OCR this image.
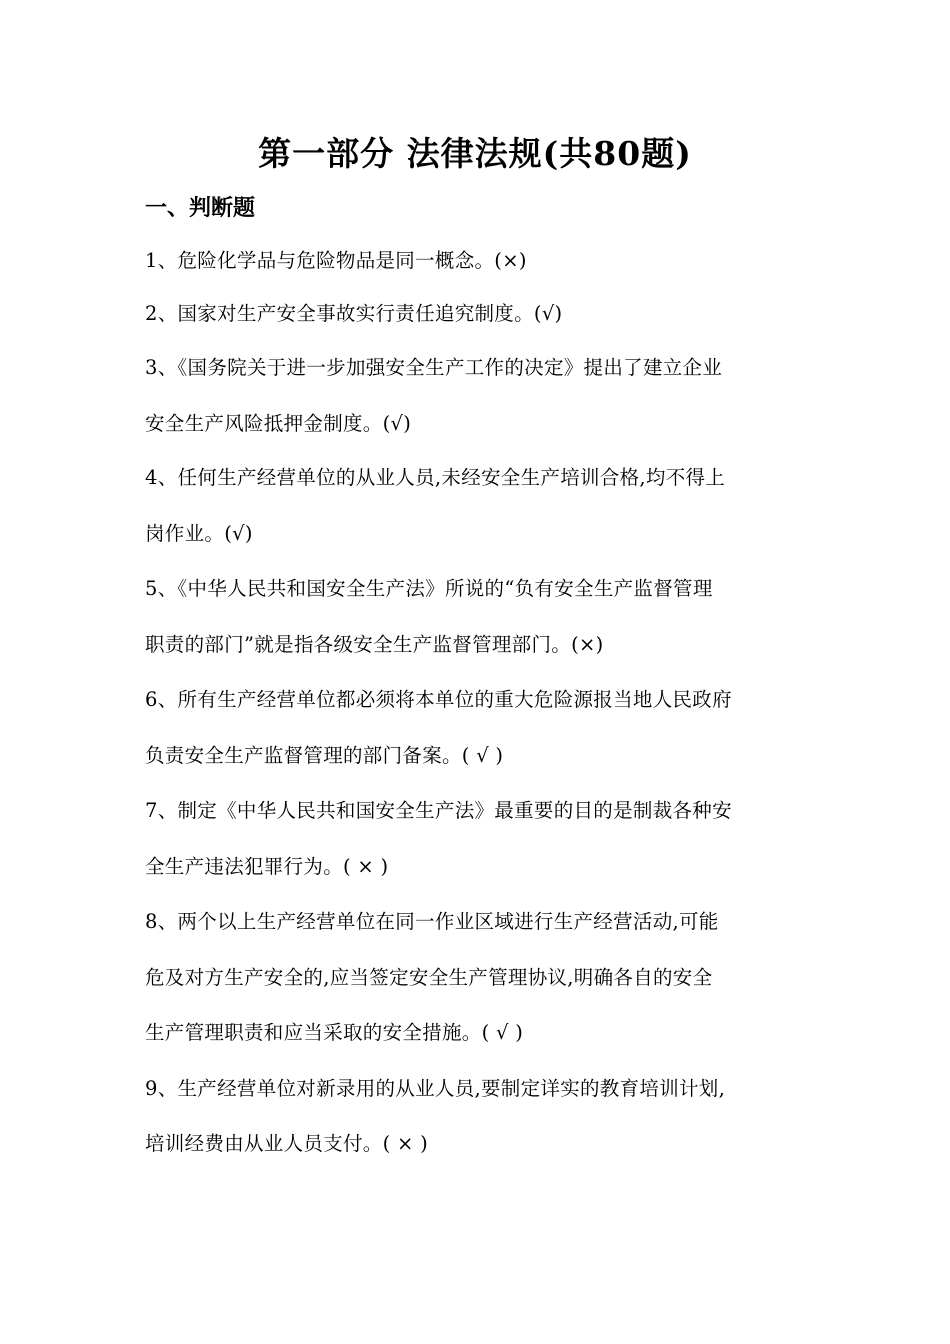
第一部分 法律法规(共80题)
一、判断题
1、危险化学品与危险物品是同一概念。(×)
2、国家对生产安全事故实行责任追究制度。(√)
3、《国务院关于进一步加强安全生产工作的决定》提出了建立企业
安全生产风险抵押金制度。(√)
4、任何生产经营单位的从业人员,未经安全生产培训合格,均不得上
岗作业。(√)
5、《中华人民共和国安全生产法》所说的“负有安全生产监督管理
职责的部门”就是指各级安全生产监督管理部门。(×)
6、所有生产经营单位都必须将本单位的重大危险源报当地人民政府
负责安全生产监督管理的部门备案。( √ )
7、制定《中华人民共和国安全生产法》最重要的目的是制裁各种安
全生产违法犯罪行为。( × )
8、两个以上生产经营单位在同一作业区域进行生产经营活动,可能
危及对方生产安全的,应当签定安全生产管理协议,明确各自的安全
生产管理职责和应当采取的安全措施。( √ )
9、生产经营单位对新录用的从业人员,要制定详实的教育培训计划,
培训经费由从业人员支付。( × )
